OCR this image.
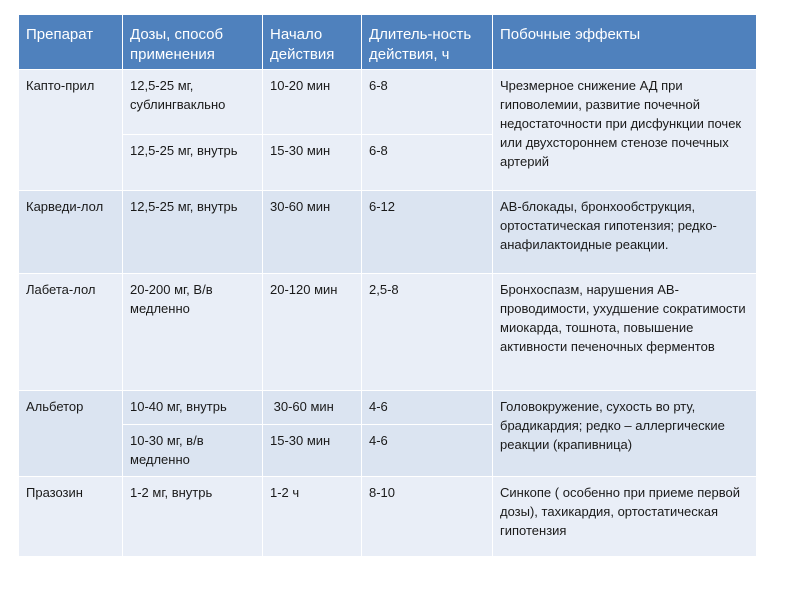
Препарат	Дозы, способ применения	Начало действия	Длитель-ность действия, ч	Побочные эффекты
Капто-прил	12,5-25 мг, сублингвакльно	10-20 мин	6-8	Чрезмерное снижение АД при гиповолемии, развитие почечной недостаточности при дисфункции почек или двухстороннем стенозе почечных артерий
	12,5-25 мг, внутрь	15-30 мин	6-8	
Карведи-лол	12,5-25 мг, внутрь	30-60 мин	6-12	АВ-блокады, бронхообструкция, ортостатическая гипотензия; редко-анафилактоидные реакции.
Лабета-лол	20-200 мг, В/в медленно	20-120 мин	2,5-8	Бронхоспазм, нарушения АВ-проводимости, ухудшение сократимости миокарда, тошнота, повышение активности печеночных ферментов
Альбетор	10-40 мг, внутрь	30-60 мин	4-6	Головокружение, сухость во рту, брадикардия; редко – аллергические реакции (крапивница)
	10-30 мг, в/в медленно	15-30 мин	4-6	
Празозин	1-2 мг, внутрь	1-2 ч	8-10	Синкопе ( особенно при приеме первой дозы), тахикардия, ортостатическая гипотензия
